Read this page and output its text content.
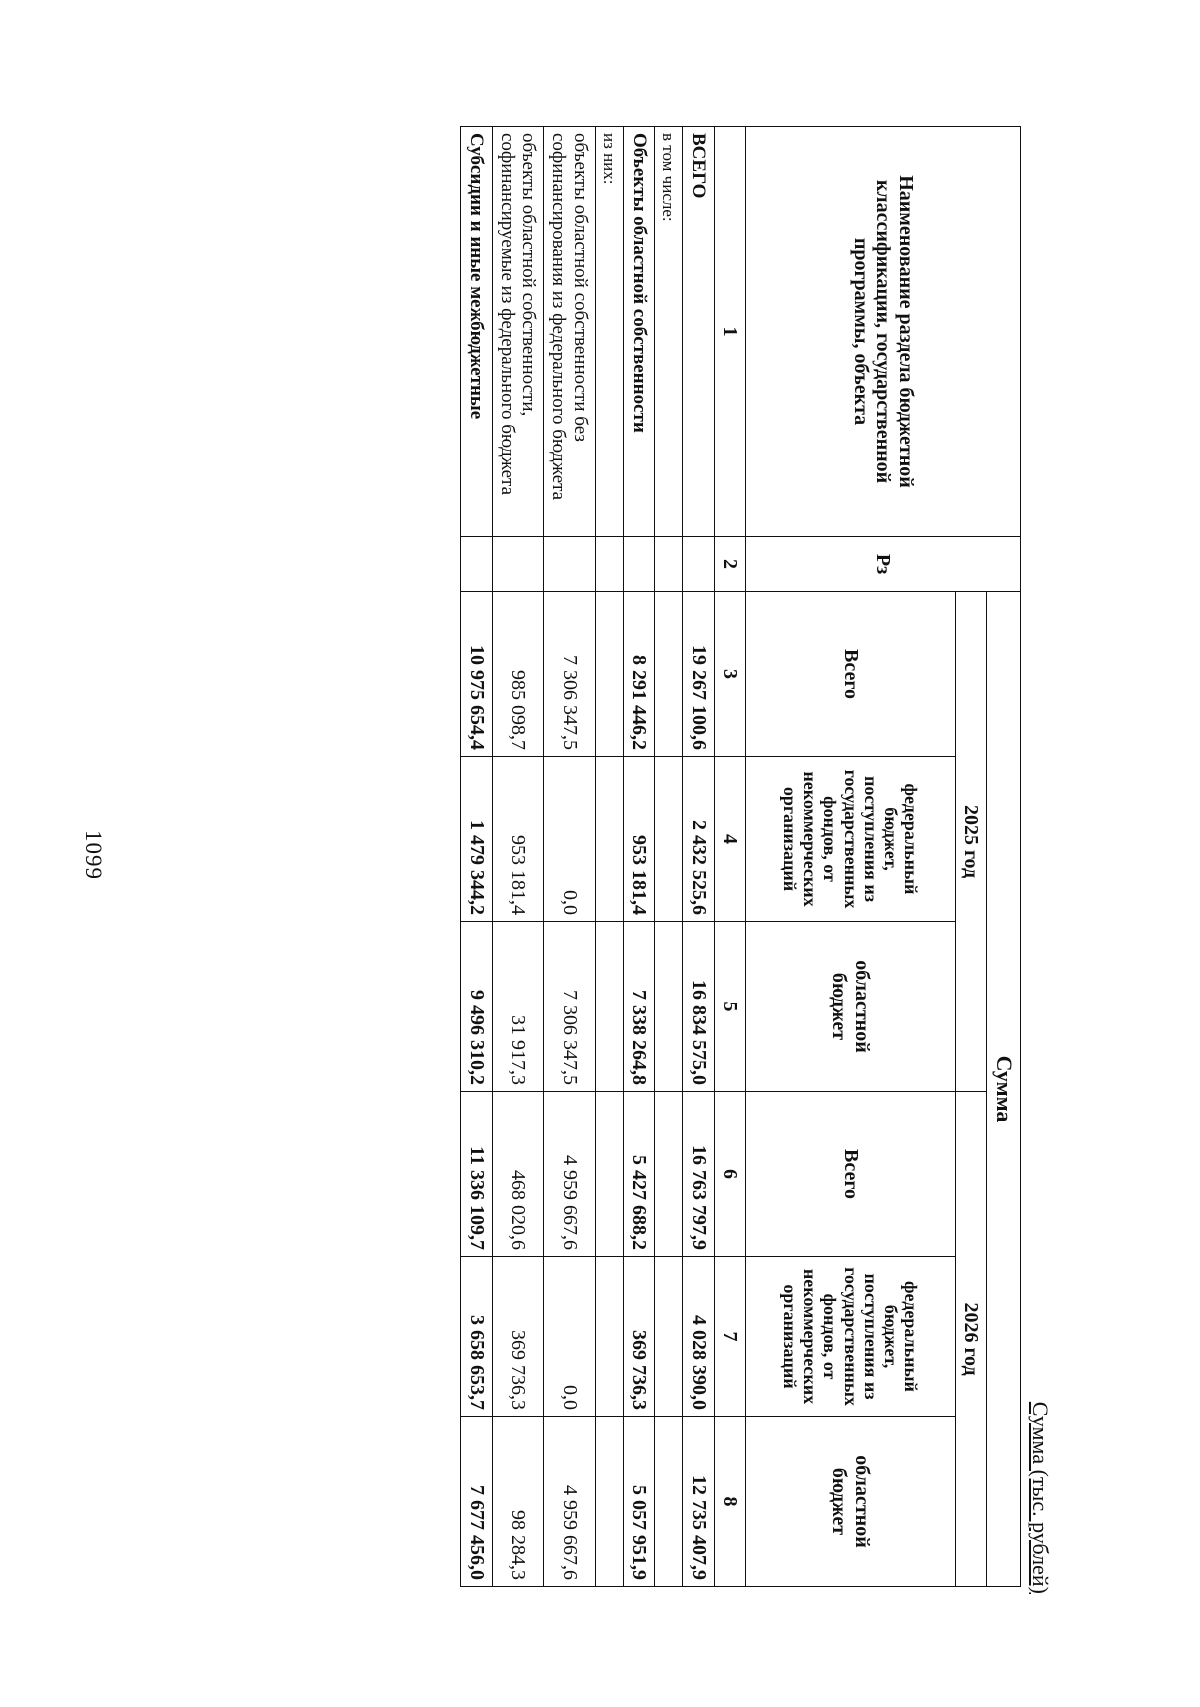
1099
Сумма (тыс. рублей)
Наименование раздела бюджетной классификации, государственной программы, объекта	Рз	Сумма					
		2025 год			2026 год		
		Всего	федеральный бюджет, поступления из государственных фондов, от некоммерческих организаций	областной бюджет	Всего	федеральный бюджет, поступления из государственных фондов, от некоммерческих организаций	областной бюджет
1	2	3	4	5	6	7	8
ВСЕГО		19 267 100,6	2 432 525,6	16 834 575,0	16 763 797,9	4 028 390,0	12 735 407,9
в том числе:							
Объекты областной собственности		8 291 446,2	953 181,4	7 338 264,8	5 427 688,2	369 736,3	5 057 951,9
из них:							
объекты областной собственности без софинансирования из федерального бюджета		7 306 347,5	0,0	7 306 347,5	4 959 667,6	0,0	4 959 667,6
объекты областной собственности, софинансируемые из федерального бюджета		985 098,7	953 181,4	31 917,3	468 020,6	369 736,3	98 284,3
Субсидии и иные межбюджетные		10 975 654,4	1 479 344,2	9 496 310,2	11 336 109,7	3 658 653,7	7 677 456,0
